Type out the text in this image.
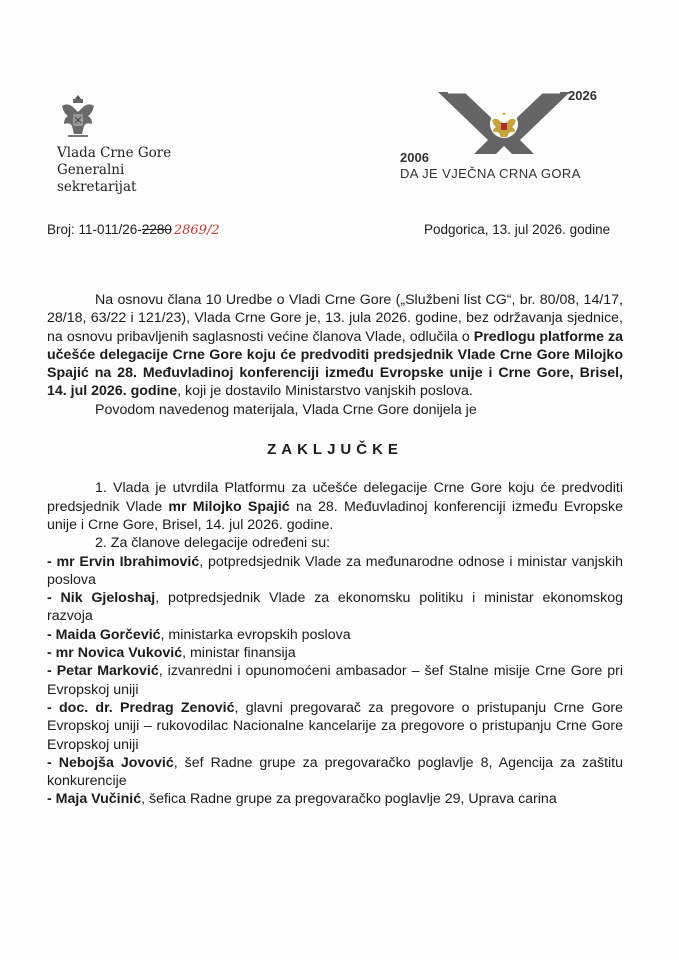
Vlada Crne Gore
Generalni
sekretarijat
2026
2006
DA JE VJEČNA CRNA GORA
Broj: 11-011/26-2280 2869/2	Podgorica, 13. jul 2026. godine

Na osnovu člana 10 Uredbe o Vladi Crne Gore („Službeni list CG“, br. 80/08, 14/17, 28/18, 63/22 i 121/23), Vlada Crne Gore je, 13. jula 2026. godine, bez održavanja sjednice, na osnovu pribavljenih saglasnosti većine članova Vlade, odlučila o Predlogu platforme za učešće delegacije Crne Gore koju će predvoditi predsjednik Vlade Crne Gore Milojko Spajić na 28. Međuvladinoj konferenciji između Evropske unije i Crne Gore, Brisel, 14. jul 2026. godine, koji je dostavilo Ministarstvo vanjskih poslova.

Povodom navedenog materijala, Vlada Crne Gore donijela je

ZAKLJUČKE

1. Vlada je utvrdila Platformu za učešće delegacije Crne Gore koju će predvoditi predsjednik Vlade mr Milojko Spajić na 28. Međuvladinoj konferenciji između Evropske unije i Crne Gore, Brisel, 14. jul 2026. godine.

2. Za članove delegacije određeni su:

- mr Ervin Ibrahimović, potpredsjednik Vlade za međunarodne odnose i ministar vanjskih poslova

- Nik Gjeloshaj, potpredsjednik Vlade za ekonomsku politiku i ministar ekonomskog razvoja

- Maida Gorčević, ministarka evropskih poslova

- mr Novica Vuković, ministar finansija

- Petar Marković, izvanredni i opunomoćeni ambasador – šef Stalne misije Crne Gore pri Evropskoj uniji

- doc. dr. Predrag Zenović, glavni pregovarač za pregovore o pristupanju Crne Gore Evropskoj uniji – rukovodilac Nacionalne kancelarije za pregovore o pristupanju Crne Gore Evropskoj uniji

- Nebojša Jovović, šef Radne grupe za pregovaračko poglavlje 8, Agencija za zaštitu konkurencije

- Maja Vučinić, šefica Radne grupe za pregovaračko poglavlje 29, Uprava carina
